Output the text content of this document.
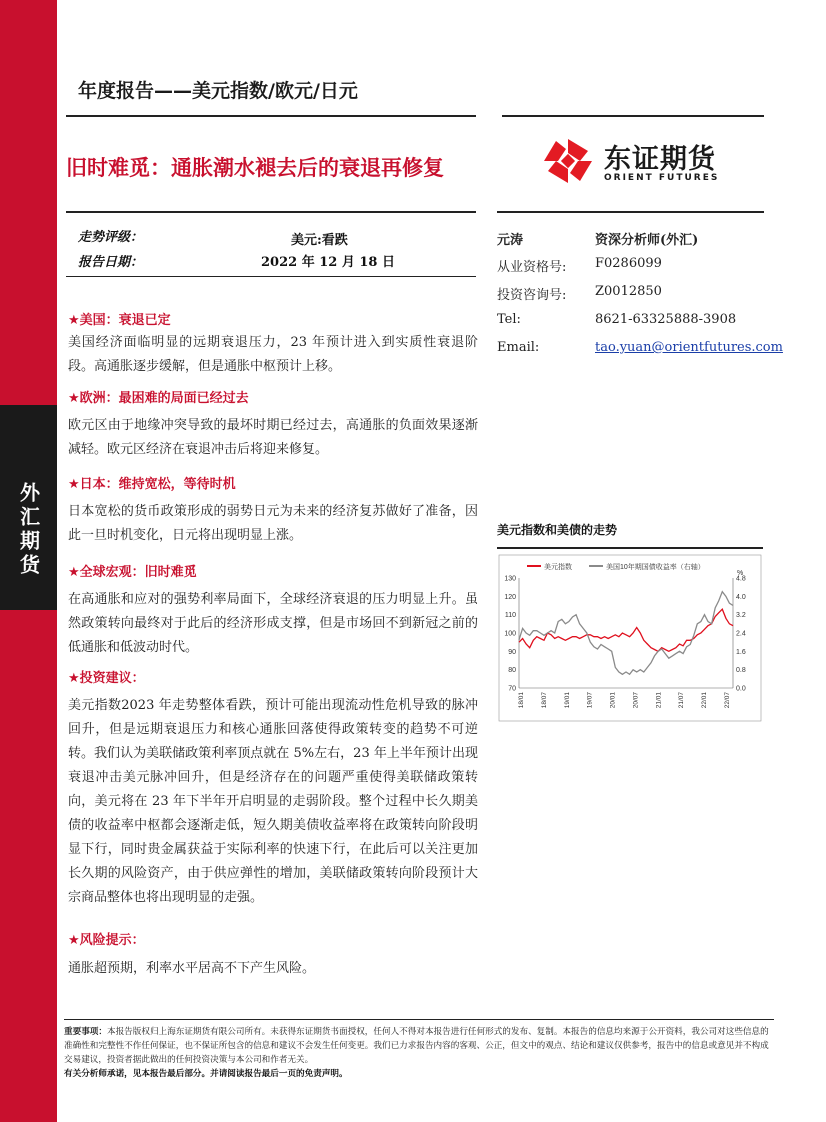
外汇期货
年度报告——美元指数/欧元/日元
旧时难觅：通胀潮水褪去后的衰退再修复	东证期货
ORIENT FUTURES
走势评级：	美元:看跌
报告日期：	2022 年 12 月 18 日
元涛	资深分析师(外汇)
从业资格号: F0286099
投资咨询号: Z0012850
Tel:	8621-63325888-3908
Email:	tao.yuan@orientfutures.com
★美国：衰退已定
美国经济面临明显的远期衰退压力，23 年预计进入到实质性衰退阶段。高通胀逐步缓解，但是通胀中枢预计上移。
★欧洲：最困难的局面已经过去
欧元区由于地缘冲突导致的最坏时期已经过去，高通胀的负面效果逐渐减轻。欧元区经济在衰退冲击后将迎来修复。
★日本：维持宽松，等待时机
日本宽松的货币政策形成的弱势日元为未来的经济复苏做好了准备，因此一旦时机变化，日元将出现明显上涨。
★全球宏观：旧时难觅
在高通胀和应对的强势利率局面下，全球经济衰退的压力明显上升。虽然政策转向最终对于此后的经济形成支撑，但是市场回不到新冠之前的低通胀和低波动时代。
★投资建议：
美元指数2023 年走势整体看跌，预计可能出现流动性危机导致的脉冲回升，但是远期衰退压力和核心通胀回落使得政策转变的趋势不可逆转。我们认为美联储政策利率顶点就在 5%左右，23 年上半年预计出现衰退冲击美元脉冲回升，但是经济存在的问题严重使得美联储政策转向，美元将在 23 年下半年开启明显的走弱阶段。整个过程中长久期美债的收益率中枢都会逐渐走低，短久期美债收益率将在政策转向阶段明显下行，同时贵金属获益于实际利率的快速下行，在此后可以关注更加长久期的风险资产，由于供应弹性的增加，美联储政策转向阶段预计大宗商品整体也将出现明显的走强。
★风险提示：
通胀超预期，利率水平居高不下产生风险。
美元指数和美债的走势
美元指数	美国10年期国债收益率（右轴）
%
130
120
110
100
90
80
70
4.8
4.0
3.2
2.4
1.6
0.8
0.0
18/01 18/07 19/01 19/07 20/01 20/07 21/01 21/07 22/01 22/07
重要事项：本报告版权归上海东证期货有限公司所有。未获得东证期货书面授权，任何人不得对本报告进行任何形式的发布、复制。本报告的信息均来源于公开资料，我公司对这些信息的准确性和完整性不作任何保证，也不保证所包含的信息和建议不会发生任何变更。我们已力求报告内容的客观、公正，但文中的观点、结论和建议仅供参考，报告中的信息或意见并不构成交易建议，投资者据此做出的任何投资决策与本公司和作者无关。
有关分析师承诺，见本报告最后部分。并请阅读报告最后一页的免责声明。
